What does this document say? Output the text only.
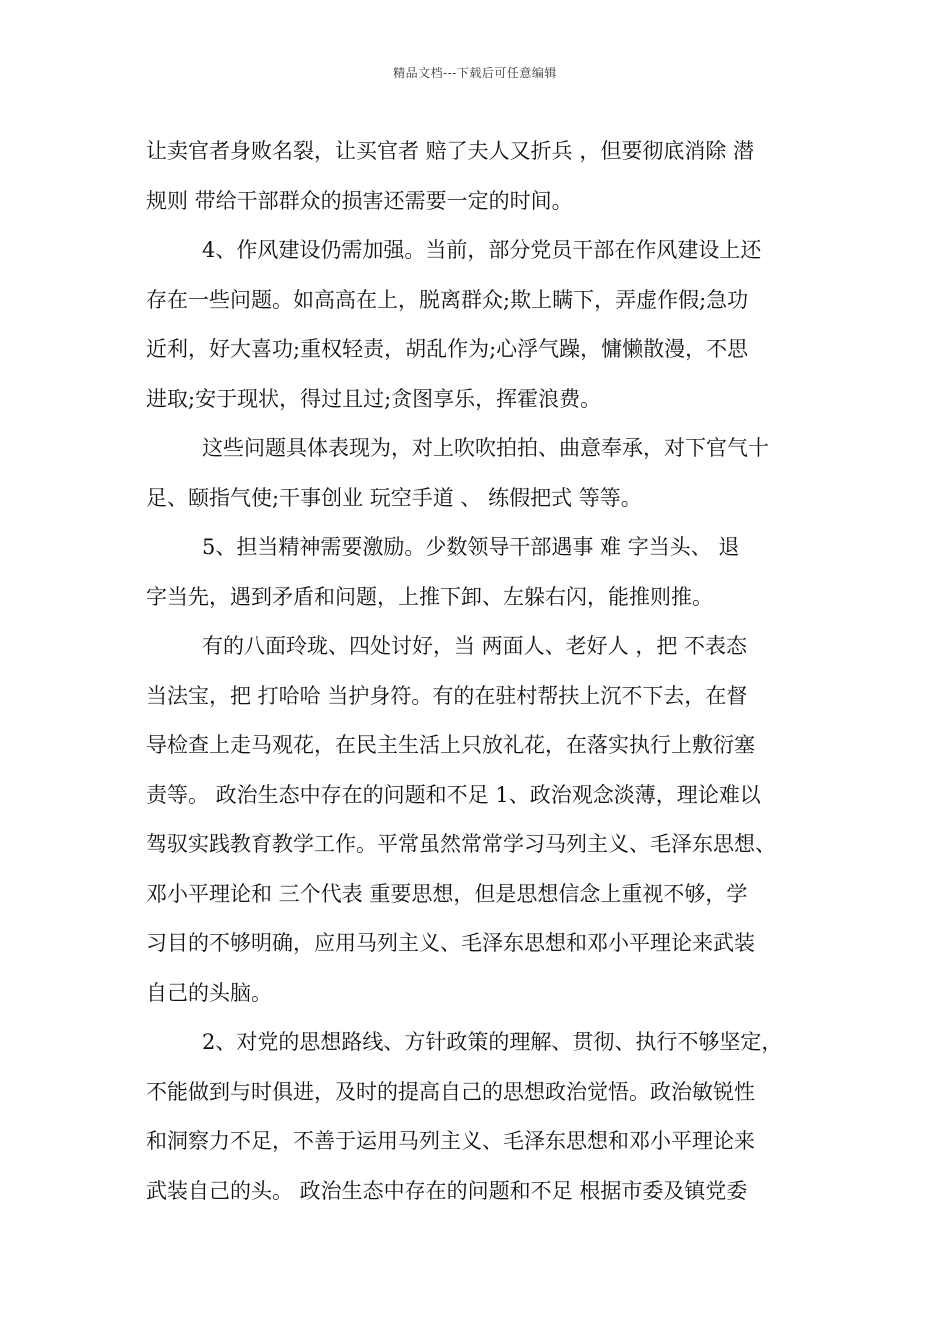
精品文档---下载后可任意编辑
让卖官者身败名裂，让买官者 赔了夫人又折兵 ，但要彻底消除 潜
规则 带给干部群众的损害还需要一定的时间。
4、作风建设仍需加强。当前，部分党员干部在作风建设上还
存在一些问题。如高高在上，脱离群众;欺上瞒下，弄虚作假;急功
近利，好大喜功;重权轻责，胡乱作为;心浮气躁，慵懒散漫，不思
进取;安于现状，得过且过;贪图享乐，挥霍浪费。
这些问题具体表现为，对上吹吹拍拍、曲意奉承，对下官气十
足、颐指气使;干事创业 玩空手道 、 练假把式 等等。
5、担当精神需要激励。少数领导干部遇事 难 字当头、 退
字当先，遇到矛盾和问题，上推下卸、左躲右闪，能推则推。
有的八面玲珑、四处讨好，当 两面人、老好人 ，把 不表态
当法宝，把 打哈哈 当护身符。有的在驻村帮扶上沉不下去，在督
导检查上走马观花，在民主生活上只放礼花，在落实执行上敷衍塞
责等。 政治生态中存在的问题和不足 1、政治观念淡薄，理论难以
驾驭实践教育教学工作。平常虽然常常学习马列主义、毛泽东思想、
邓小平理论和 三个代表 重要思想，但是思想信念上重视不够，学
习目的不够明确，应用马列主义、毛泽东思想和邓小平理论来武装
自己的头脑。
2、对党的思想路线、方针政策的理解、贯彻、执行不够坚定，
不能做到与时俱进，及时的提高自己的思想政治觉悟。政治敏锐性
和洞察力不足，不善于运用马列主义、毛泽东思想和邓小平理论来
武装自己的头。 政治生态中存在的问题和不足 根据市委及镇党委
